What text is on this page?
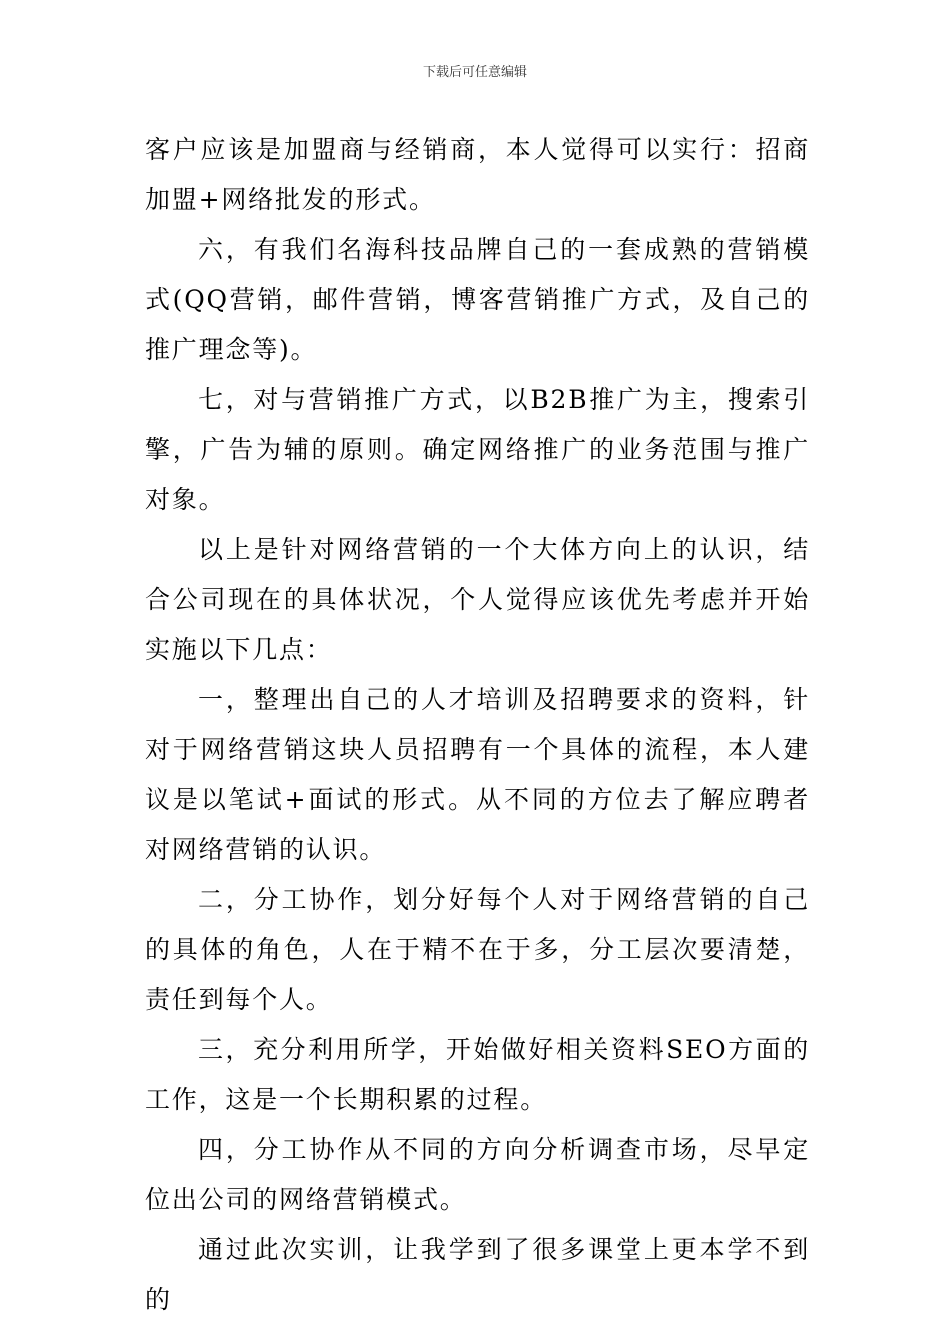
下载后可任意编辑

客户应该是加盟商与经销商，本人觉得可以实行：招商加盟+网络批发的形式。

六，有我们名海科技品牌自己的一套成熟的营销模式(QQ营销，邮件营销，博客营销推广方式，及自己的推广理念等)。

七，对与营销推广方式，以B2B推广为主，搜索引擎，广告为辅的原则。确定网络推广的业务范围与推广对象。

以上是针对网络营销的一个大体方向上的认识，结合公司现在的具体状况，个人觉得应该优先考虑并开始实施以下几点：

一，整理出自己的人才培训及招聘要求的资料，针对于网络营销这块人员招聘有一个具体的流程，本人建议是以笔试+面试的形式。从不同的方位去了解应聘者对网络营销的认识。

二，分工协作，划分好每个人对于网络营销的自己的具体的角色，人在于精不在于多，分工层次要清楚，责任到每个人。

三，充分利用所学，开始做好相关资料SEO方面的工作，这是一个长期积累的过程。

四，分工协作从不同的方向分析调查市场，尽早定位出公司的网络营销模式。

通过此次实训，让我学到了很多课堂上更本学不到的
